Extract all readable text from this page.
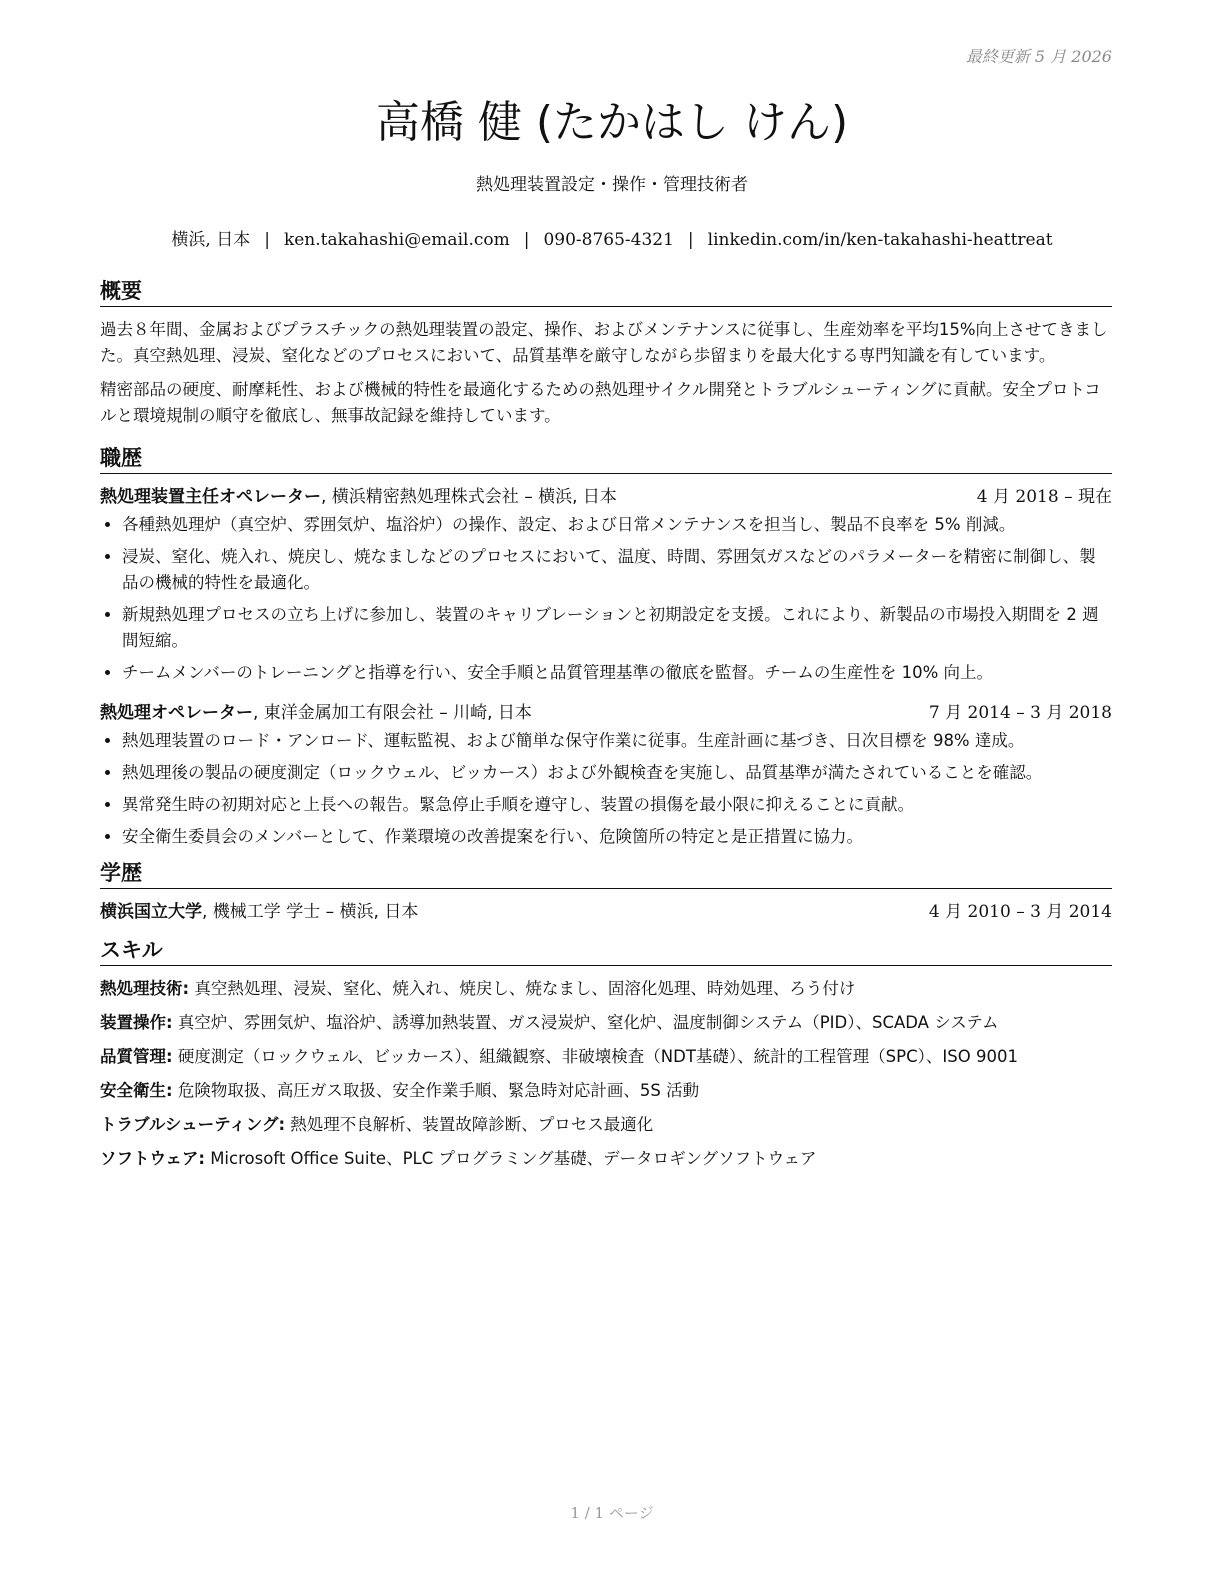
最終更新 5 月 2026
高橋 健 (たかはし けん)
熱処理装置設定・操作・管理技術者
横浜, 日本 | ken.takahashi@email.com | 090-8765-4321 | linkedin.com/in/ken-takahashi-heattreat
概要

過去８年間、金属およびプラスチックの熱処理装置の設定、操作、およびメンテナンスに従事し、生産効率を平均15%向上させてきました。真空熱処理、浸炭、窒化などのプロセスにおいて、品質基準を厳守しながら歩留まりを最大化する専門知識を有しています。

精密部品の硬度、耐摩耗性、および機械的特性を最適化するための熱処理サイクル開発とトラブルシューティングに貢献。安全プロトコルと環境規制の順守を徹底し、無事故記録を維持しています。

職歴
熱処理装置主任オペレーター, 横浜精密熱処理株式会社 – 横浜, 日本	4 月 2018 – 現在
• 各種熱処理炉（真空炉、雰囲気炉、塩浴炉）の操作、設定、および日常メンテナンスを担当し、製品不良率を 5% 削減。
• 浸炭、窒化、焼入れ、焼戻し、焼なましなどのプロセスにおいて、温度、時間、雰囲気ガスなどのパラメーターを精密に制御し、製品の機械的特性を最適化。
• 新規熱処理プロセスの立ち上げに参加し、装置のキャリブレーションと初期設定を支援。これにより、新製品の市場投入期間を 2 週間短縮。
• チームメンバーのトレーニングと指導を行い、安全手順と品質管理基準の徹底を監督。チームの生産性を 10% 向上。
熱処理オペレーター, 東洋金属加工有限会社 – 川崎, 日本	7 月 2014 – 3 月 2018
• 熱処理装置のロード・アンロード、運転監視、および簡単な保守作業に従事。生産計画に基づき、日次目標を 98% 達成。
• 熱処理後の製品の硬度測定（ロックウェル、ビッカース）および外観検査を実施し、品質基準が満たされていることを確認。
• 異常発生時の初期対応と上長への報告。緊急停止手順を遵守し、装置の損傷を最小限に抑えることに貢献。
• 安全衛生委員会のメンバーとして、作業環境の改善提案を行い、危険箇所の特定と是正措置に協力。
学歴
横浜国立大学, 機械工学 学士 – 横浜, 日本	4 月 2010 – 3 月 2014
スキル
熱処理技術: 真空熱処理、浸炭、窒化、焼入れ、焼戻し、焼なまし、固溶化処理、時効処理、ろう付け
装置操作: 真空炉、雰囲気炉、塩浴炉、誘導加熱装置、ガス浸炭炉、窒化炉、温度制御システム（PID）、SCADA システム
品質管理: 硬度測定（ロックウェル、ビッカース）、組織観察、非破壊検査（NDT基礎）、統計的工程管理（SPC）、ISO 9001
安全衛生: 危険物取扱、高圧ガス取扱、安全作業手順、緊急時対応計画、5S 活動
トラブルシューティング: 熱処理不良解析、装置故障診断、プロセス最適化
ソフトウェア: Microsoft Office Suite、PLC プログラミング基礎、データロギングソフトウェア
1 / 1 ページ
